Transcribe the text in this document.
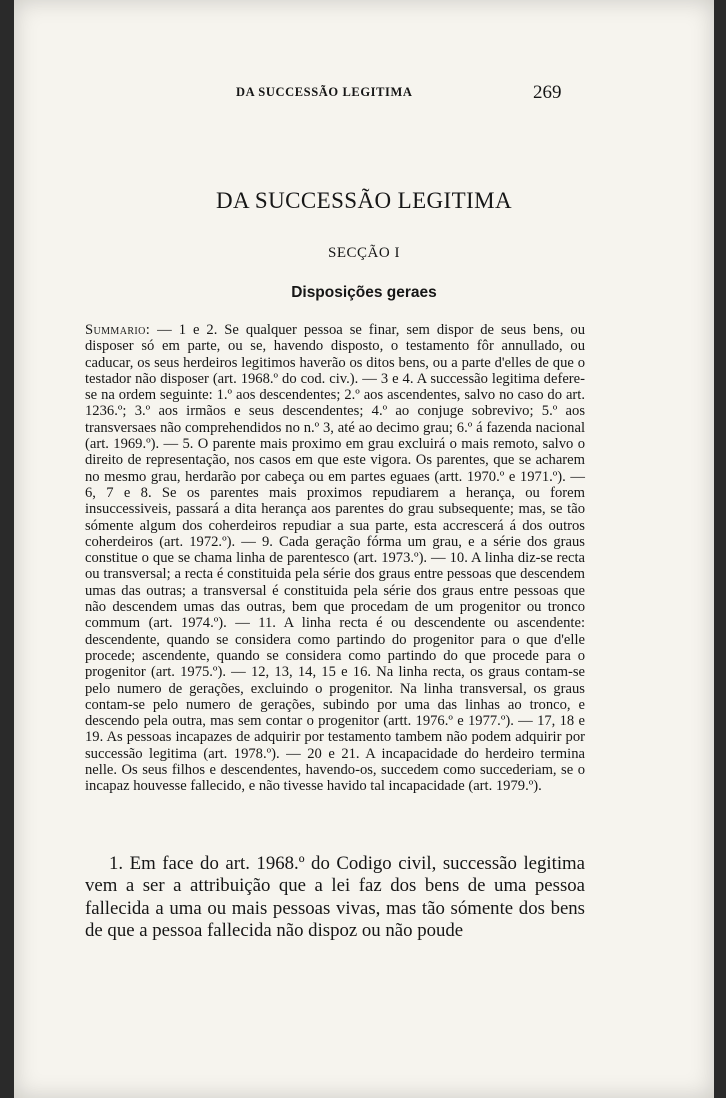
DA SUCCESSÃO LEGITIMA	269
DA SUCCESSÃO LEGITIMA
SECÇÃO I
Disposições geraes
Summario: — 1 e 2. Se qualquer pessoa se finar, sem dispor de seus bens, ou disposer só em parte, ou se, havendo disposto, o testamento fôr annullado, ou caducar, os seus herdeiros legitimos haverão os ditos bens, ou a parte d'elles de que o testador não disposer (art. 1968.º do cod. civ.). — 3 e 4. A successão legitima defere-se na ordem seguinte: 1.º aos descendentes; 2.º aos ascendentes, salvo no caso do art. 1236.º; 3.º aos irmãos e seus descendentes; 4.º ao conjuge sobrevivo; 5.º aos transversaes não comprehendidos no n.º 3, até ao decimo grau; 6.º á fazenda nacional (art. 1969.º). — 5. O parente mais proximo em grau excluirá o mais remoto, salvo o direito de representação, nos casos em que este vigora. Os parentes, que se acharem no mesmo grau, herdarão por cabeça ou em partes eguaes (artt. 1970.º e 1971.º). — 6, 7 e 8. Se os parentes mais proximos repudiarem a herança, ou forem insuccessiveis, passará a dita herança aos parentes do grau subsequente; mas, se tão sómente algum dos coherdeiros repudiar a sua parte, esta accrescerá á dos outros coherdeiros (art. 1972.º). — 9. Cada geração fórma um grau, e a série dos graus constitue o que se chama linha de parentesco (art. 1973.º). — 10. A linha diz-se recta ou transversal; a recta é constituida pela série dos graus entre pessoas que descendem umas das outras; a transversal é constituida pela série dos graus entre pessoas que não descendem umas das outras, bem que procedam de um progenitor ou tronco commum (art. 1974.º). — 11. A linha recta é ou descendente ou ascendente: descendente, quando se considera como partindo do progenitor para o que d'elle procede; ascendente, quando se considera como partindo do que procede para o progenitor (art. 1975.º). — 12, 13, 14, 15 e 16. Na linha recta, os graus contam-se pelo numero de gerações, excluindo o progenitor. Na linha transversal, os graus contam-se pelo numero de gerações, subindo por uma das linhas ao tronco, e descendo pela outra, mas sem contar o progenitor (artt. 1976.º e 1977.º). — 17, 18 e 19. As pessoas incapazes de adquirir por testamento tambem não podem adquirir por successão legitima (art. 1978.º). — 20 e 21. A incapacidade do herdeiro termina nelle. Os seus filhos e descendentes, havendo-os, succedem como succederiam, se o incapaz houvesse fallecido, e não tivesse havido tal incapacidade (art. 1979.º).
1. Em face do art. 1968.º do Codigo civil, successão legitima vem a ser a attribuição que a lei faz dos bens de uma pessoa fallecida a uma ou mais pessoas vivas, mas tão sómente dos bens de que a pessoa fallecida não dispoz ou não poude
